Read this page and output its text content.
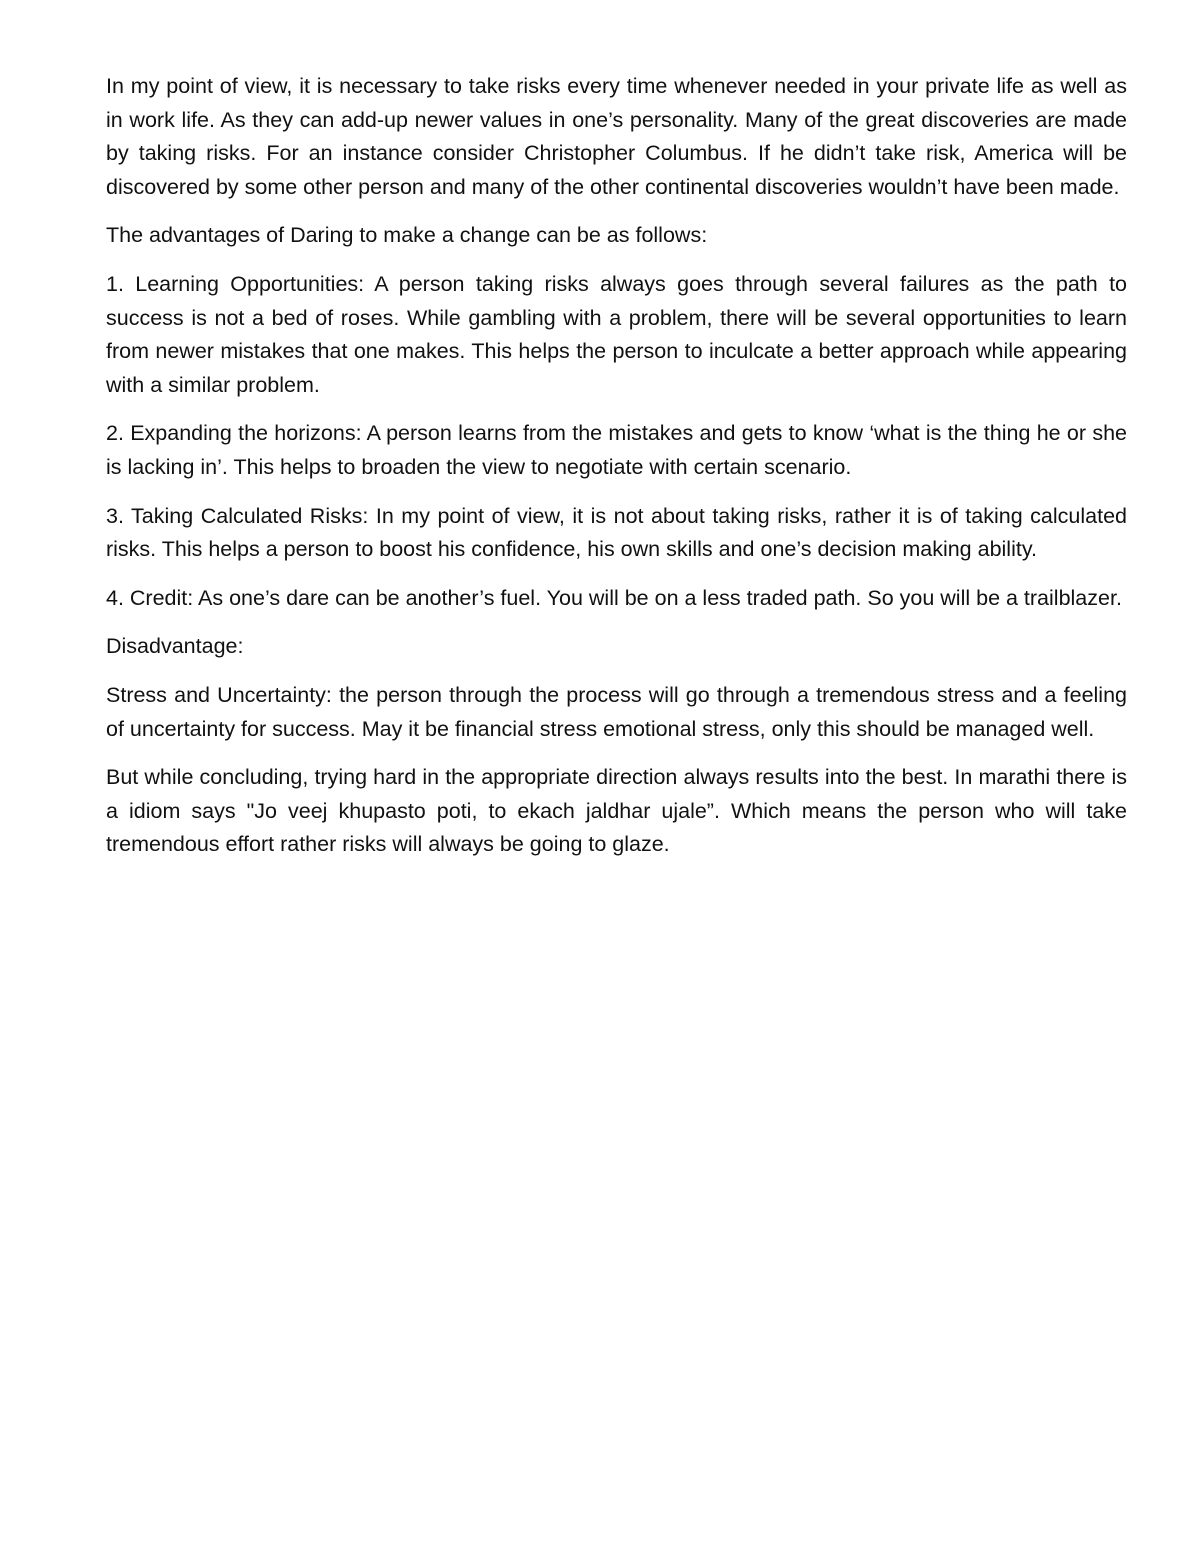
In my point of view, it is necessary to take risks every time whenever needed in your private life as well as in work life. As they can add-up newer values in one’s personality. Many of the great discoveries are made by taking risks. For an instance consider Christopher Columbus. If he didn’t take risk, America will be discovered by some other person and many of the other continental discoveries wouldn’t have been made.

The advantages of Daring to make a change can be as follows:

1. Learning Opportunities: A person taking risks always goes through several failures as the path to success is not a bed of roses. While gambling with a problem, there will be several opportunities to learn from newer mistakes that one makes. This helps the person to inculcate a better approach while appearing with a similar problem.

2. Expanding the horizons: A person learns from the mistakes and gets to know ‘what is the thing he or she is lacking in’. This helps to broaden the view to negotiate with certain scenario.

3. Taking Calculated Risks: In my point of view, it is not about taking risks, rather it is of taking calculated risks. This helps a person to boost his confidence, his own skills and one’s decision making ability.

4. Credit: As one’s dare can be another’s fuel. You will be on a less traded path. So you will be a trailblazer.

Disadvantage:

Stress and Uncertainty: the person through the process will go through a tremendous stress and a feeling of uncertainty for success. May it be financial stress emotional stress, only this should be managed well.

But while concluding, trying hard in the appropriate direction always results into the best. In marathi there is a idiom says "Jo veej khupasto poti, to ekach jaldhar ujale”. Which means the person who will take tremendous effort rather risks will always be going to glaze.
